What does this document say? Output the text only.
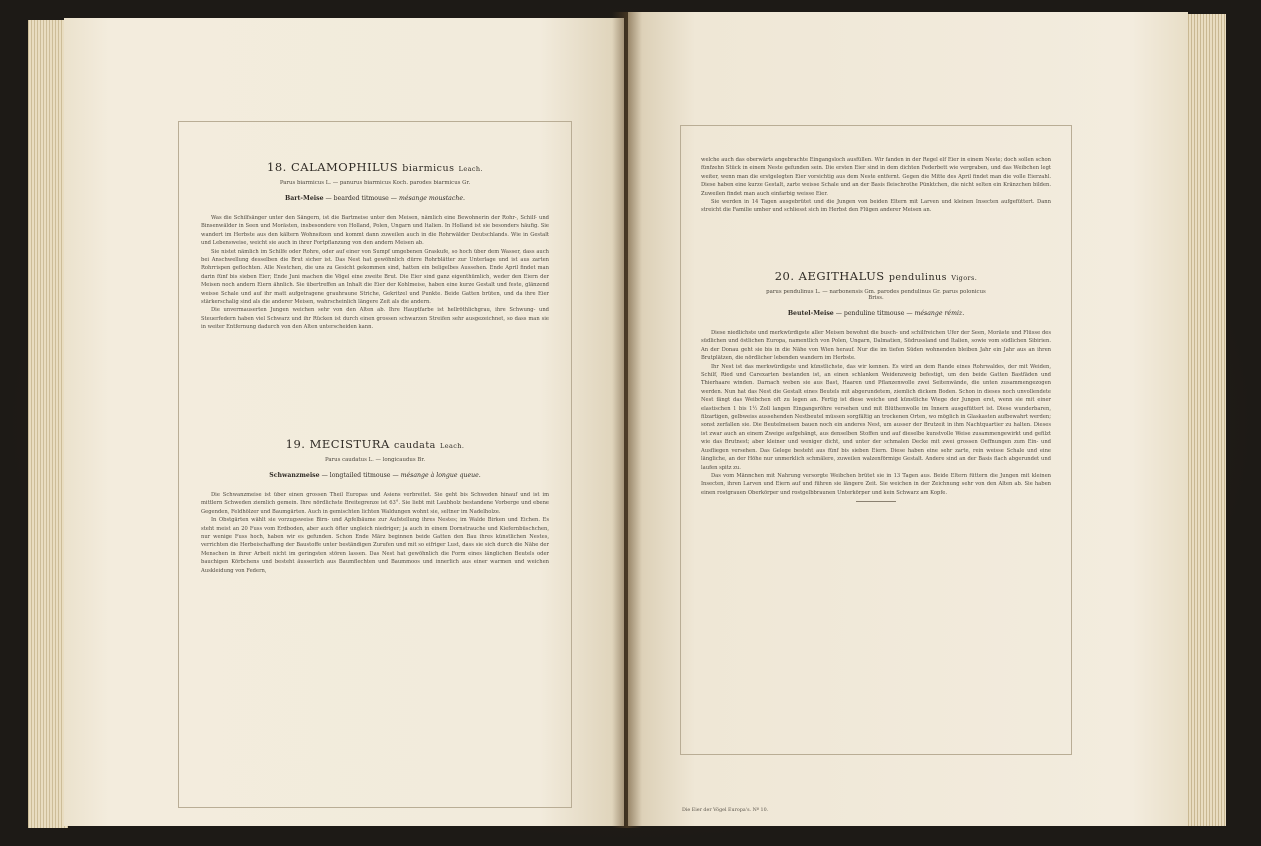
18. CALAMOPHILUS biarmicus Leach.

Parus biarmicus L. — panurus biarmicus Koch. parodes biarmicus Gr.

Bart-Meise — bearded titmouse — mésange moustache.

Was die Schilfsänger unter den Sängern, ist die Bartmeise unter den Meisen, nämlich eine Bewohnerin der Rohr-, Schilf- und Binsenwälder in Seen und Morästen, insbesondere von Holland, Polen, Ungarn und Italien. In Holland ist sie besonders häufig. Sie wandert im Herbste aus den kältern Wohnsitzen und kommt dann zuweilen auch in die Rohrwälder Deutschlands. Wie in Gestalt und Lebensweise, weicht sie auch in ihrer Fortpflanzung von den andern Meisen ab.

Sie nistet nämlich im Schilfe oder Rohre, oder auf einer von Sumpf umgebenen Graskufe, so hoch über dem Wasser, dass auch bei Anschwellung desselben die Brut sicher ist. Das Nest hat gewöhnlich dürre Rohrblätter zur Unterlage und ist aus zarten Rohrrispen geflochten. Alle Nestchen, die uns zu Gesicht gekommen sind, hatten ein beligelbes Aussehen. Ende April findet man darin fünf bis sieben Eier; Ende Juni machen die Vögel eine zweite Brut. Die Eier sind ganz eigenthümlich, weder den Eiern der Meisen noch andern Eiern ähnlich. Sie übertreffen an Inhalt die Eier der Kohlmeise, haben eine kurze Gestalt und feste, glänzend weisse Schale und auf ihr matt aufgetragene grauhraune Striche, Gekritzel und Punkte. Beide Gatten brüten, und da ihre Eier stärkerschalig sind als die anderer Meisen, wahrscheinlich längere Zeit als die andern.

Die unvermauserten Jungen weichen sehr von den Alten ab. Ihre Hauptfarbe ist hellröthlichgrau, ihre Schwung- und Steuerfedern haben viel Schwarz und ihr Rücken ist durch einen grossen schwarzen Streifen sehr ausgezeichnet, so dass man sie in weiter Entfernung dadurch von den Alten unterscheiden kann.

19. MECISTURA caudata Leach.

Parus caudatus L. — longicaudus Br.

Schwanzmeise — longtailed titmouse — mésange à longue queue.

Die Schwanzmeise ist über einen grossen Theil Europas und Asiens verbreitet. Sie geht bis Schweden hinauf und ist im mittlern Schweden ziemlich gemein. Ihre nördlichste Breitegrenze ist 63°. Sie liebt mit Laubholz bestandene Vorberge und ebene Gegenden, Feldhölzer und Baumgärten. Auch in gemischten lichten Waldungen wohnt sie, seltner im Nadelholze.

In Obstgärten wählt sie vorzugsweise Birn- und Apfelbäume zur Aufstellung ihres Nestes; im Walde Birken und Eichen. Es steht meist an 20 Fuss vom Erdboden, aber auch öfter ungleich niedriger; ja auch in einem Dornstrauche und Kiefernbüschchen, nur wenige Fuss hoch, haben wir es gefunden. Schon Ende März beginnen beide Gatten den Bau ihres künstlichen Nestes, verrichten die Herbeischaffung der Baustoffe unter beständigen Zurufen und mit so eifriger Lust, dass sie sich durch die Nähe der Menschen in ihrer Arbeit nicht im geringsten stören lassen. Das Nest hat gewöhnlich die Form eines länglichen Beutels oder bauchigen Körbchens und besteht äusserlich aus Baumflechten und Baummoos und innerlich aus einer warmen und weichen Auskleidung von Federn,

welche auch das oberwärts angebrachte Eingangsloch ausfüllen. Wir fanden in der Regel elf Eier in einem Neste; doch sollen schon fünfzehn Stück in einem Neste gefunden sein. Die ersten Eier sind in dem dichten Federbett wie vergraben, und das Weibchen legt weiter, wenn man die erstgelegten Eier vorsichtig aus dem Neste entfernt. Gegen die Mitte des April findet man die volle Eierzahl. Diese haben eine kurze Gestalt, zarte weisse Schale und an der Basis fleischrothe Pünktchen, die nicht selten ein Kränzchen bilden. Zuweilen findet man auch einfarbig weisse Eier.

Sie werden in 14 Tagen ausgebrütet und die Jungen von beiden Eltern mit Larven und kleinen Insecten aufgefüttert. Dann streicht die Familie umher und schliesst sich im Herbst den Flügen anderer Meisen an.

20. AEGITHALUS pendulinus Vigors.

parus pendulinus L. — narbonensis Gm. parodes pendulinus Gr. parus polonicus Briss.

Beutel-Meise — penduline titmouse — mésange rémiz.

Diese niedlichste und merkwürdigste aller Meisen bewohnt die busch- und schilfreichen Ufer der Seen, Moräste und Flüsse des südlichen und östlichen Europa, namentlich von Polen, Ungarn, Dalmatien, Südrussland und Italien, sowie vom südlichen Sibirien. An der Donau geht sie bis in die Nähe von Wien herauf. Nur die im tiefen Süden wohnenden bleiben Jahr ein Jahr aus an ihren Brutplätzen, die nördlicher lebenden wandern im Herbste.

Ihr Nest ist das merkwürdigste und künstlichste, das wir kennen. Es wird an dem Rande eines Rohrwaldes, der mit Weiden, Schilf, Ried und Carexarten bestanden ist, an einen schlanken Weidenzweig befestigt, um den beide Gatten Bastfäden und Thierhaare winden. Darnach weben sie aus Bast, Haaren und Pflanzenwolle zwei Seitenwände, die unten zusammengezogen werden. Nun hat das Nest die Gestalt eines Beutels mit abgerundetem, ziemlich dickem Boden. Schon in dieses noch unvollendete Nest fängt das Weibchen oft zu legen an. Fertig ist diese weiche und künstliche Wiege der Jungen erst, wenn sie mit einer elastischen 1 bis 1½ Zoll langen Eingangsröhre versehen und mit Blüthenwolle im Innern ausgefüttert ist. Diese wunderbaren, filzartigen, gelbweiss aussehenden Nestbeutel müssen sorgfältig an trockenen Orten, wo möglich in Glaskasten aufbewahrt werden; sonst zerfallen sie. Die Beutelmeisen bauen noch ein anderes Nest, um ausser der Brutzeit in ihm Nachtquartier zu halten. Dieses ist zwar auch an einem Zweige aufgehängt, aus denselben Stoffen und auf dieselbe kunstvolle Weise zusammengewirkt und gefilzt wie das Brutnest; aber kleiner und weniger dicht, und unter der schmalen Decke mit zwei grossen Oeffnungen zum Ein- und Ausfliegen versehen. Das Gelege besteht aus fünf bis sieben Eiern. Diese haben eine sehr zarte, rein weisse Schale und eine längliche, an der Höhe nur unmerklich schmälere, zuweilen walzenförmige Gestalt. Andere sind an der Basis flach abgerundet und laufen spitz zu.

Das vom Männchen mit Nahrung versorgte Weibchen brütet sie in 13 Tagen aus. Beide Eltern füttern die Jungen mit kleinen Insecten, ihren Larven und Eiern auf und führen sie längere Zeit. Sie weichen in der Zeichnung sehr von den Alten ab. Sie haben einen rostgrauen Oberkörper und rostgelbbraunen Unterkörper und kein Schwarz am Kopfe.

Die Eier der Vögel Europa's. Nº 10.
